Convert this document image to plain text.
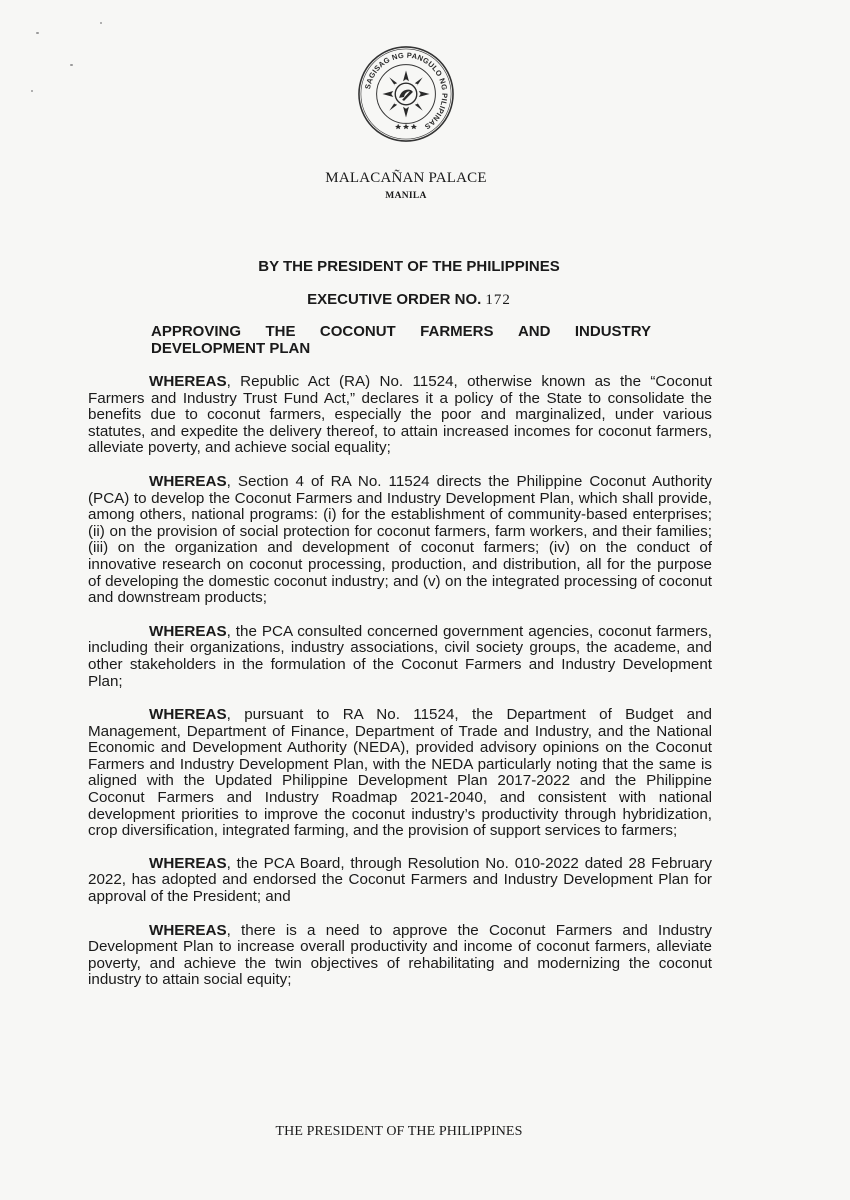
SAGISAG NG PANGULO NG PILIPINAS
MALACAÑAN PALACE
MANILA
BY THE PRESIDENT OF THE PHILIPPINES
EXECUTIVE ORDER NO. 172
APPROVING THE COCONUT FARMERS AND INDUSTRY
DEVELOPMENT PLAN

WHEREAS, Republic Act (RA) No. 11524, otherwise known as the “Coconut Farmers and Industry Trust Fund Act,” declares it a policy of the State to consolidate the benefits due to coconut farmers, especially the poor and marginalized, under various statutes, and expedite the delivery thereof, to attain increased incomes for coconut farmers, alleviate poverty, and achieve social equality;

WHEREAS, Section 4 of RA No. 11524 directs the Philippine Coconut Authority (PCA) to develop the Coconut Farmers and Industry Development Plan, which shall provide, among others, national programs: (i) for the establishment of community-based enterprises; (ii) on the provision of social protection for coconut farmers, farm workers, and their families; (iii) on the organization and development of coconut farmers; (iv) on the conduct of innovative research on coconut processing, production, and distribution, all for the purpose of developing the domestic coconut industry; and (v) on the integrated processing of coconut and downstream products;

WHEREAS, the PCA consulted concerned government agencies, coconut farmers, including their organizations, industry associations, civil society groups, the academe, and other stakeholders in the formulation of the Coconut Farmers and Industry Development Plan;

WHEREAS, pursuant to RA No. 11524, the Department of Budget and Management, Department of Finance, Department of Trade and Industry, and the National Economic and Development Authority (NEDA), provided advisory opinions on the Coconut Farmers and Industry Development Plan, with the NEDA particularly noting that the same is aligned with the Updated Philippine Development Plan 2017-2022 and the Philippine Coconut Farmers and Industry Roadmap 2021-2040, and consistent with national development priorities to improve the coconut industry’s productivity through hybridization, crop diversification, integrated farming, and the provision of support services to farmers;

WHEREAS, the PCA Board, through Resolution No. 010-2022 dated 28 February 2022, has adopted and endorsed the Coconut Farmers and Industry Development Plan for approval of the President; and

WHEREAS, there is a need to approve the Coconut Farmers and Industry Development Plan to increase overall productivity and income of coconut farmers, alleviate poverty, and achieve the twin objectives of rehabilitating and modernizing the coconut industry to attain social equity;

THE PRESIDENT OF THE PHILIPPINES
